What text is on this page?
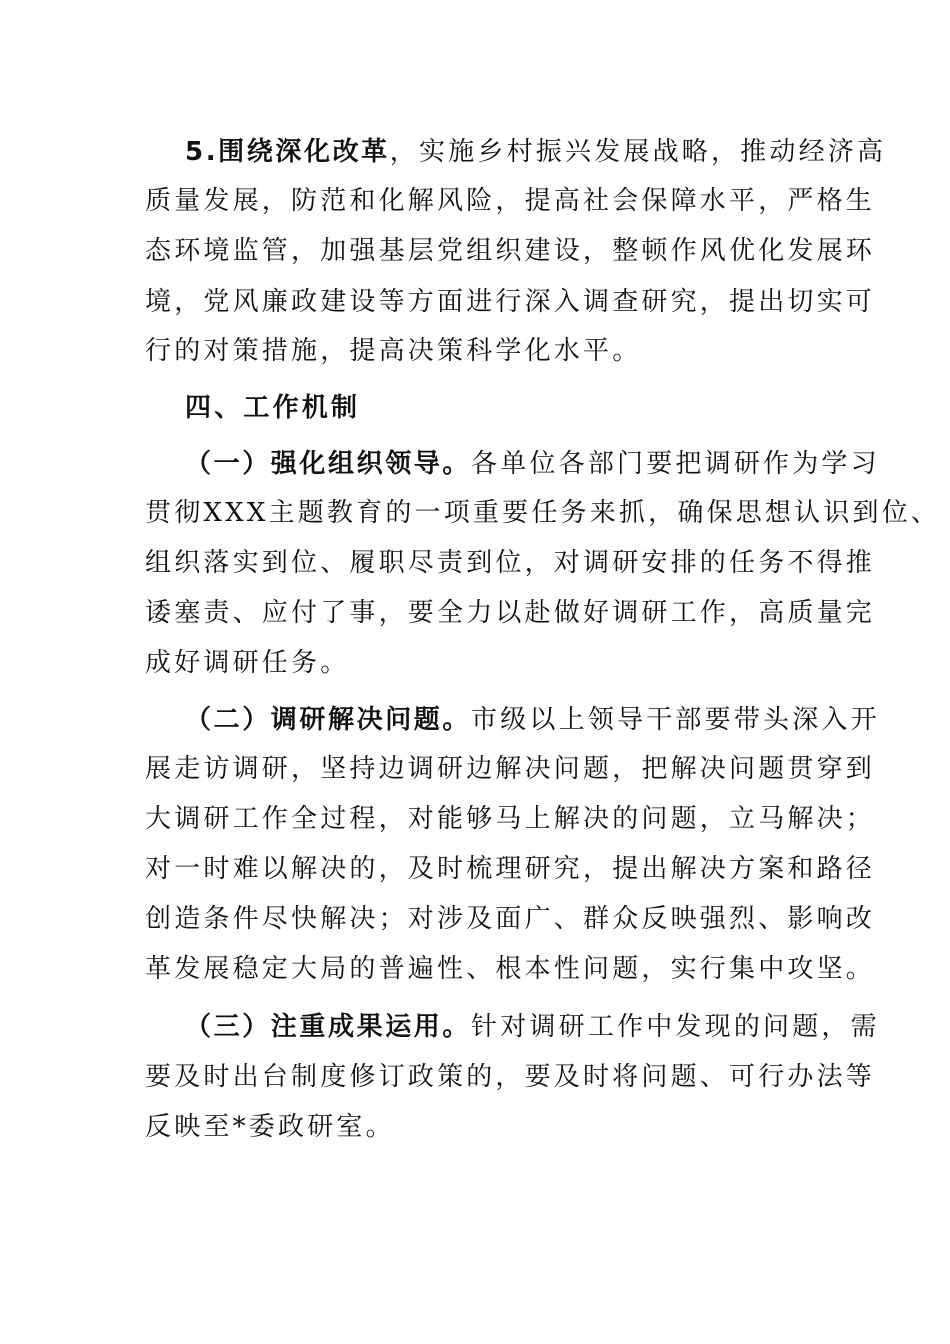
5.围绕深化改革，实施乡村振兴发展战略，推动经济高
质量发展，防范和化解风险，提高社会保障水平，严格生
态环境监管，加强基层党组织建设，整顿作风优化发展环
境，党风廉政建设等方面进行深入调查研究，提出切实可
行的对策措施，提高决策科学化水平。
四、工作机制
（一）强化组织领导。各单位各部门要把调研作为学习
贯彻XXX主题教育的一项重要任务来抓，确保思想认识到位、
组织落实到位、履职尽责到位，对调研安排的任务不得推
诿塞责、应付了事，要全力以赴做好调研工作，高质量完
成好调研任务。
（二）调研解决问题。市级以上领导干部要带头深入开
展走访调研，坚持边调研边解决问题，把解决问题贯穿到
大调研工作全过程，对能够马上解决的问题，立马解决；
对一时难以解决的，及时梳理研究，提出解决方案和路径
创造条件尽快解决；对涉及面广、群众反映强烈、影响改
革发展稳定大局的普遍性、根本性问题，实行集中攻坚。
（三）注重成果运用。针对调研工作中发现的问题，需
要及时出台制度修订政策的，要及时将问题、可行办法等
反映至*委政研室。
